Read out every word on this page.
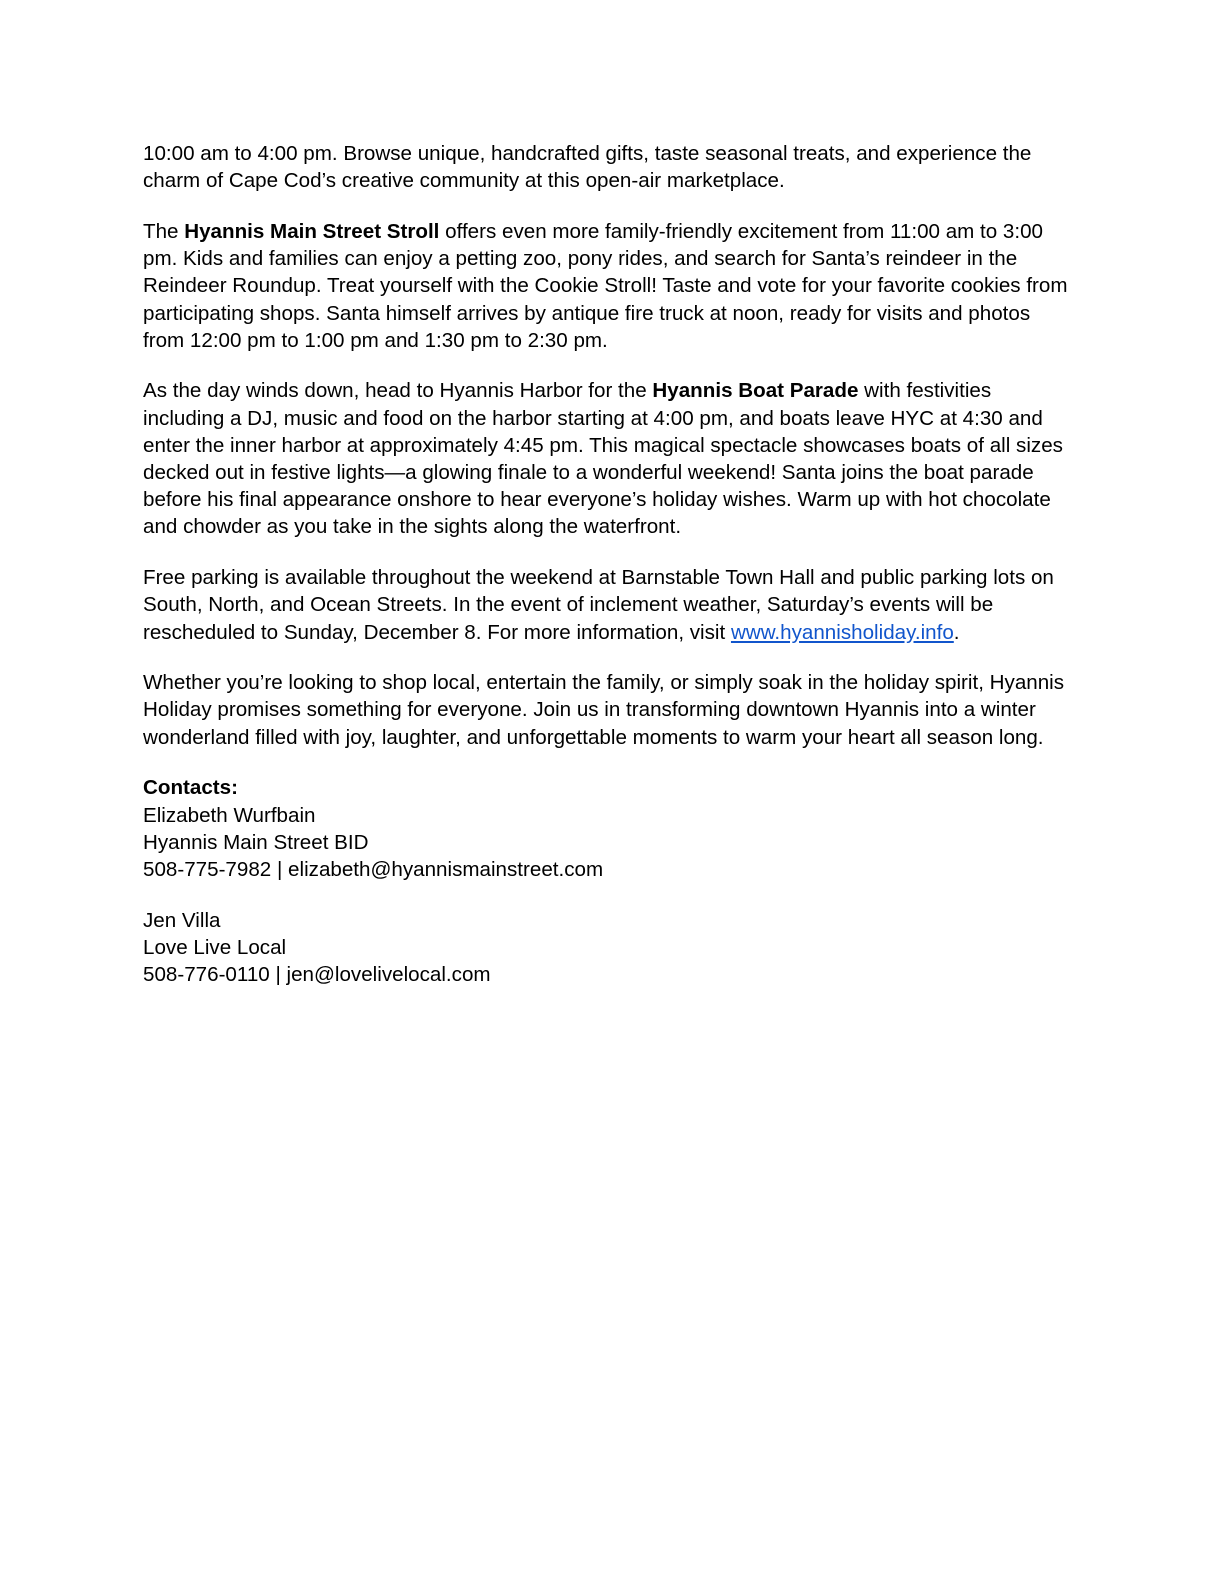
10:00 am to 4:00 pm. Browse unique, handcrafted gifts, taste seasonal treats, and experience the charm of Cape Cod’s creative community at this open-air marketplace.

The Hyannis Main Street Stroll offers even more family-friendly excitement from 11:00 am to 3:00 pm. Kids and families can enjoy a petting zoo, pony rides, and search for Santa’s reindeer in the Reindeer Roundup. Treat yourself with the Cookie Stroll! Taste and vote for your favorite cookies from participating shops. Santa himself arrives by antique fire truck at noon, ready for visits and photos from 12:00 pm to 1:00 pm and 1:30 pm to 2:30 pm.

As the day winds down, head to Hyannis Harbor for the Hyannis Boat Parade with festivities including a DJ, music and food on the harbor starting at 4:00 pm, and boats leave HYC at 4:30 and enter the inner harbor at approximately 4:45 pm. This magical spectacle showcases boats of all sizes decked out in festive lights—a glowing finale to a wonderful weekend! Santa joins the boat parade before his final appearance onshore to hear everyone’s holiday wishes. Warm up with hot chocolate and chowder as you take in the sights along the waterfront.

Free parking is available throughout the weekend at Barnstable Town Hall and public parking lots on South, North, and Ocean Streets. In the event of inclement weather, Saturday’s events will be rescheduled to Sunday, December 8. For more information, visit www.hyannisholiday.info.

Whether you’re looking to shop local, entertain the family, or simply soak in the holiday spirit, Hyannis Holiday promises something for everyone. Join us in transforming downtown Hyannis into a winter wonderland filled with joy, laughter, and unforgettable moments to warm your heart all season long.

Contacts:
Elizabeth Wurfbain
Hyannis Main Street BID
508-775-7982 | elizabeth@hyannismainstreet.com
Jen Villa
Love Live Local
508-776-0110 | jen@lovelivelocal.com
